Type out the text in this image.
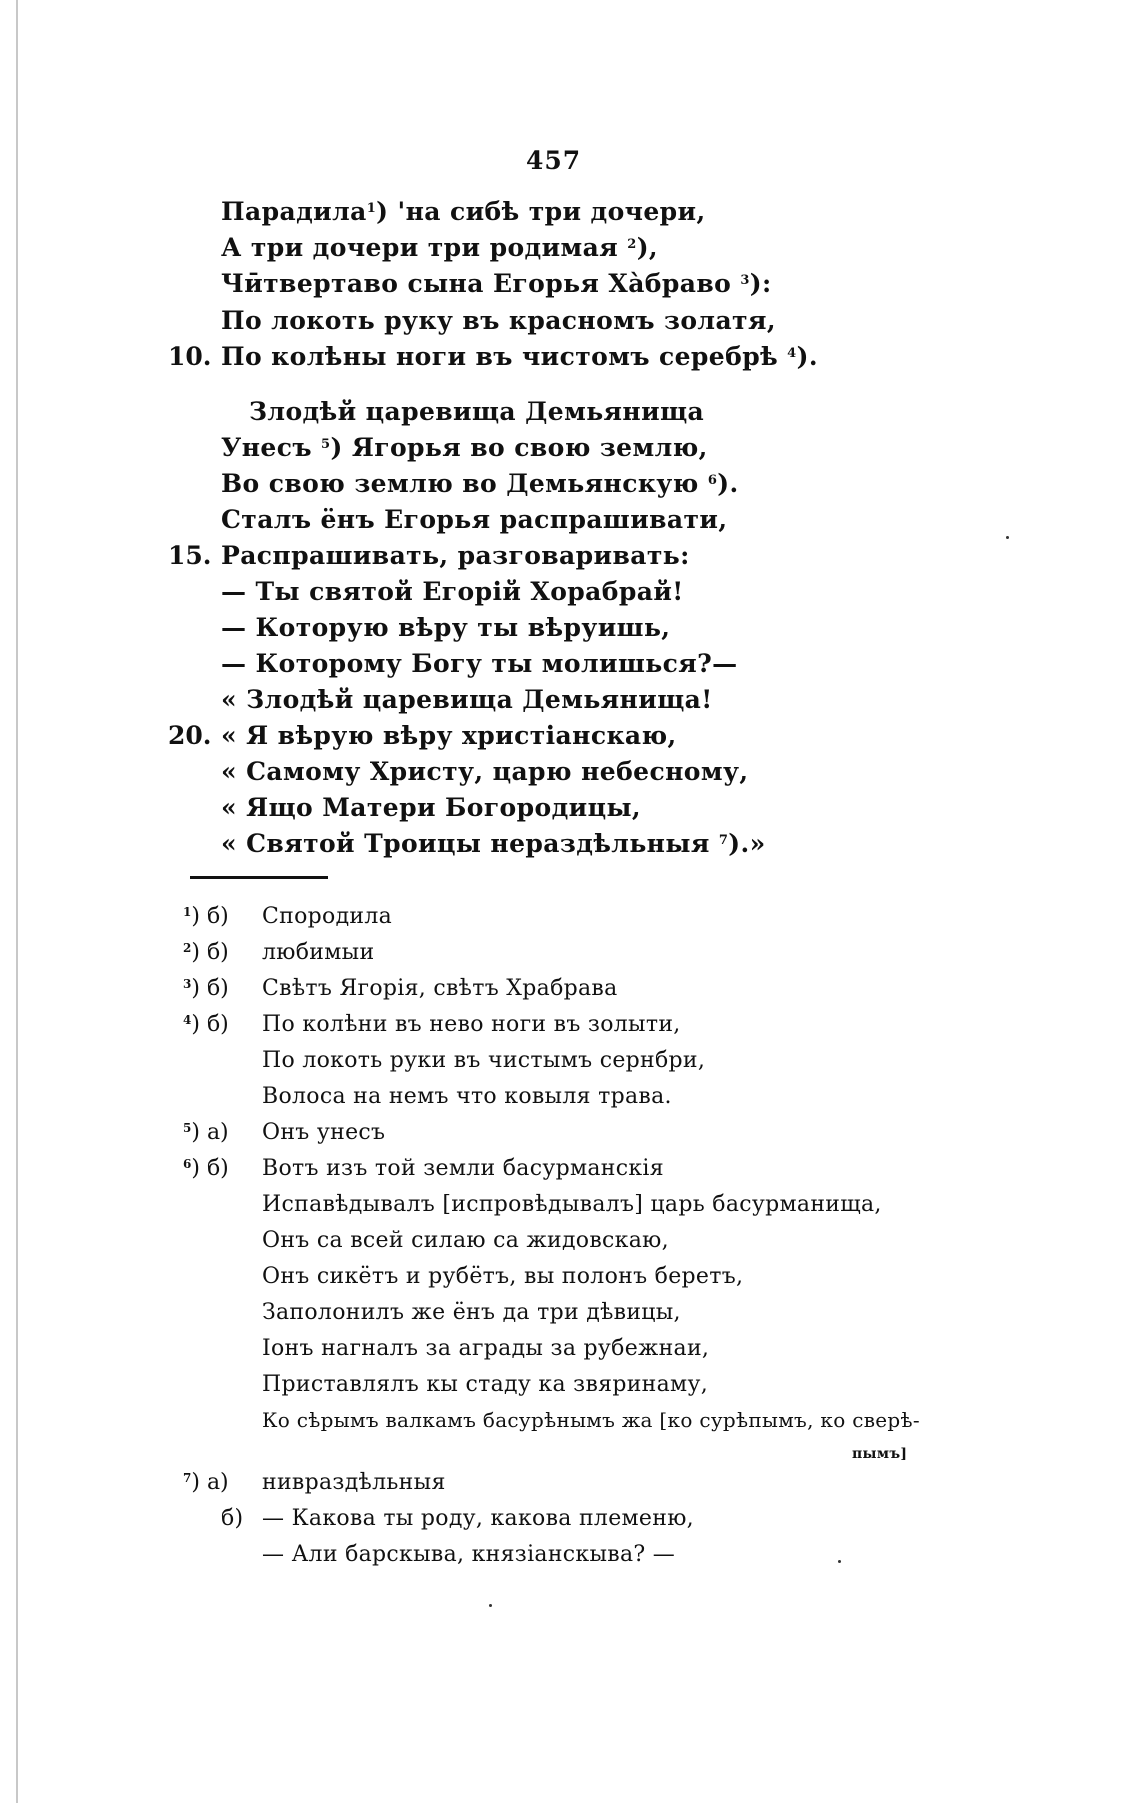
457
Парадила$^1$) 'на сибѣ три дочери,
А три дочери три родимая $^2$),
Чӣтвертаво сына Егорья Ха̀бравo $^3$):
По локоть руку въ красномъ золатя,
10. По колѣны ноги въ чистомъ серебрѣ $^4$).
Злодѣй царевища Демьянища
Унесъ $^5$) Ягорья во свою землю,
Во свою землю во Демьянскую $^6$).
Сталъ ёнъ Егорья распрашивати,
15. Распрашивать, разговаривать:
— Ты святой Егорій Хорабрай!
— Которую вѣру ты вѣруишь,
— Которому Богу ты молишься?—
« Злодѣй царевища Демьянища!
20. « Я вѣрую вѣру христіанскаю,
« Самому Христу, царю небесному,
« Ящо Матери Богородицы,
« Святой Троицы нераздѣльныя $^7$).»
$^1$) б) Спородила
$^2$) б) любимыи
$^3$) б) Свѣтъ Ягорія, свѣтъ Храбрава
$^4$) б) По колѣни въ нево ноги въ золыти,
По локоть руки въ чистымъ сернбри,
Волоса на немъ что ковыля трава.
$^5$) а) Онъ унесъ
$^6$) б) Вотъ изъ той земли басурманскія
Испавѣдывалъ [испровѣдывалъ] царь басурманища,
Онъ са всей силаю са жидовскаю,
Онъ сикётъ и рубётъ, вы полонъ беретъ,
Заполонилъ же ёнъ да три дѣвицы,
Іонъ нагналъ за аграды за рубежнаи,
Приставлялъ кы стаду ка звяринаму,
Ко сѣрымъ валкамъ басурѣнымъ жа [ко сурѣпымъ, ко сверѣ-
пымъ]
$^7$) а) нивраздѣльныя
б) — Какова ты роду, какова племеню,
— Али барскыва, князіанскыва? —
